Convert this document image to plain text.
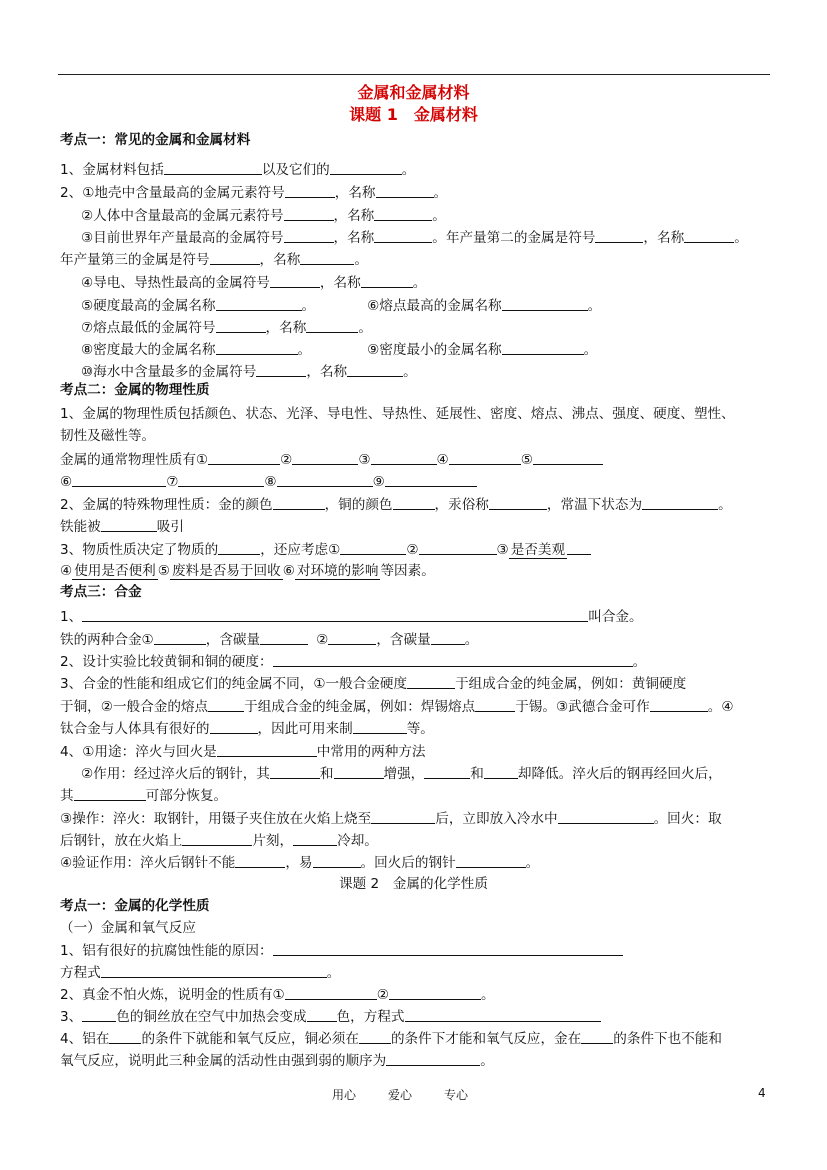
金属和金属材料
课题 1　金属材料
考点一：常见的金属和金属材料
1、金属材料包括	以及它们的	。
2、①地壳中含量最高的金属元素符号	，名称	。
②人体中含量最高的金属元素符号	，名称	。
③目前世界年产量最高的金属符号	，名称	。年产量第二的金属是符号	，名称	。
年产量第三的金属是符号	，名称	。
④导电、导热性最高的金属符号	，名称	。
⑤硬度最高的金属名称	。	⑥熔点最高的金属名称	。
⑦熔点最低的金属符号	，名称	。
⑧密度最大的金属名称	。	⑨密度最小的金属名称	。
⑩海水中含量最多的金属符号	，名称	。
考点二：金属的物理性质
1、金属的物理性质包括颜色、状态、光泽、导电性、导热性、延展性、密度、熔点、沸点、强度、硬度、塑性、
韧性及磁性等。
金属的通常物理性质有①	②	③	④	⑤
⑥	⑦	⑧	⑨
2、金属的特殊物理性质：金的颜色	，铜的颜色	，汞俗称	，常温下状态为	。
铁能被	吸引
3、物质性质决定了物质的	，还应考虑①	②	③ 是否美观
④ 使用是否便利 ⑤ 废料是否易于回收 ⑥ 对环境的影响 等因素。
考点三：合金
1、	叫合金。
铁的两种合金①	，含碳量	②	，含碳量	。
2、设计实验比较黄铜和铜的硬度：	。
3、合金的性能和组成它们的纯金属不同，①一般合金硬度	于组成合金的纯金属，例如：黄铜硬度
于铜，②一般合金的熔点	于组成合金的纯金属，例如：焊锡熔点	于锡。③武德合金可作	。④
钛合金与人体具有很好的	，因此可用来制	等。
4、①用途：淬火与回火是	中常用的两种方法
②作用：经过淬火后的钢针，其	和	增强，	和	却降低。淬火后的钢再经回火后，
其	可部分恢复。
③操作：淬火：取钢针，用镊子夹住放在火焰上烧至	后，立即放入冷水中	。回火：取
后钢针，放在火焰上	片刻，	冷却。
④验证作用：淬火后钢针不能	，易	。回火后的钢针	。
课题 2　金属的化学性质
考点一：金属的化学性质
（一）金属和氧气反应
1、铝有很好的抗腐蚀性能的原因：
方程式	。
2、真金不怕火炼，说明金的性质有①	②	。
3、	色的铜丝放在空气中加热会变成 色，方程式
4、铝在 的条件下就能和氧气反应，铜必须在 的条件下才能和氧气反应，金在 的条件下也不能和
氧气反应，说明此三种金属的活动性由强到弱的顺序为	。
用心	爱心	专心	4
